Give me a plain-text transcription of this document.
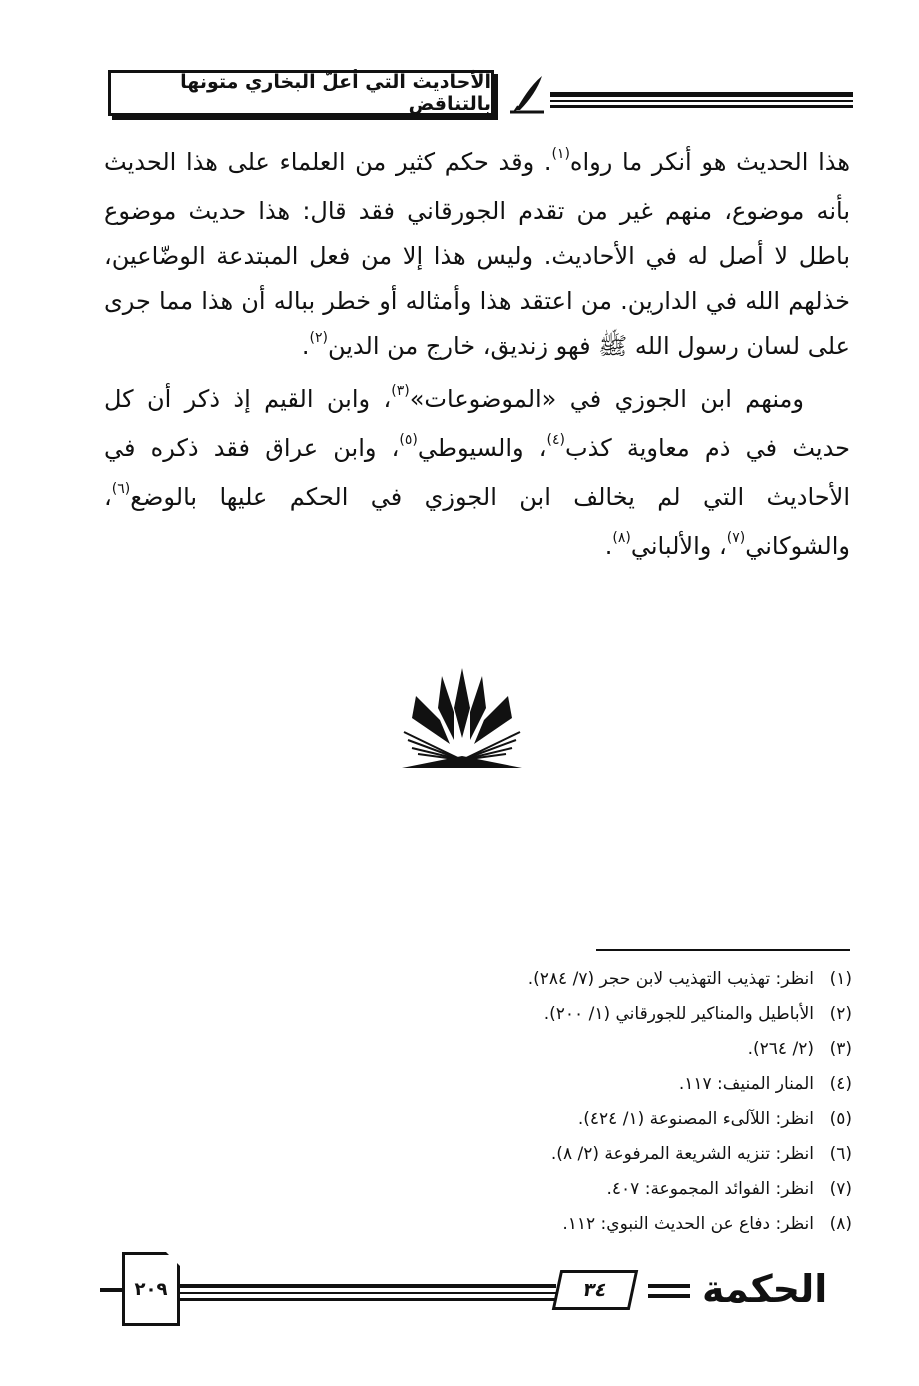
الأحاديث التي أعلّ البخاري متونها بالتناقض

هذا الحديث هو أنكر ما رواه$^{(١)}$. وقد حكم كثير من العلماء على هذا الحديث بأنه موضوع، منهم غير من تقدم الجورقاني فقد قال: هذا حديث موضوع باطل لا أصل له في الأحاديث. وليس هذا إلا من فعل المبتدعة الوضّاعين، خذلهم الله في الدارين. من اعتقد هذا وأمثاله أو خطر بباله أن هذا مما جرى على لسان رسول الله ﷺ فهو زنديق، خارج من الدين$^{(٢)}$.

ومنهم ابن الجوزي في «الموضوعات»$^{(٣)}$، وابن القيم إذ ذكر أن كل حديث في ذم معاوية كذب$^{(٤)}$، والسيوطي$^{(٥)}$، وابن عراق فقد ذكره في الأحاديث التي لم يخالف ابن الجوزي في الحكم عليها بالوضع$^{(٦)}$، والشوكاني$^{(٧)}$، والألباني$^{(٨)}$.

(١)انظر: تهذيب التهذيب لابن حجر (٧/ ٢٨٤).
(٢)الأباطيل والمناكير للجورقاني (١/ ٢٠٠).
(٣)(٢/ ٢٦٤).
(٤)المنار المنيف: ١١٧.
(٥)انظر: اللآلىء المصنوعة (١/ ٤٢٤).
(٦)انظر: تنزيه الشريعة المرفوعة (٢/ ٨).
(٧)انظر: الفوائد المجموعة: ٤٠٧.
(٨)انظر: دفاع عن الحديث النبوي: ١١٢.
٢٠٩	٣٤	الحكمة
